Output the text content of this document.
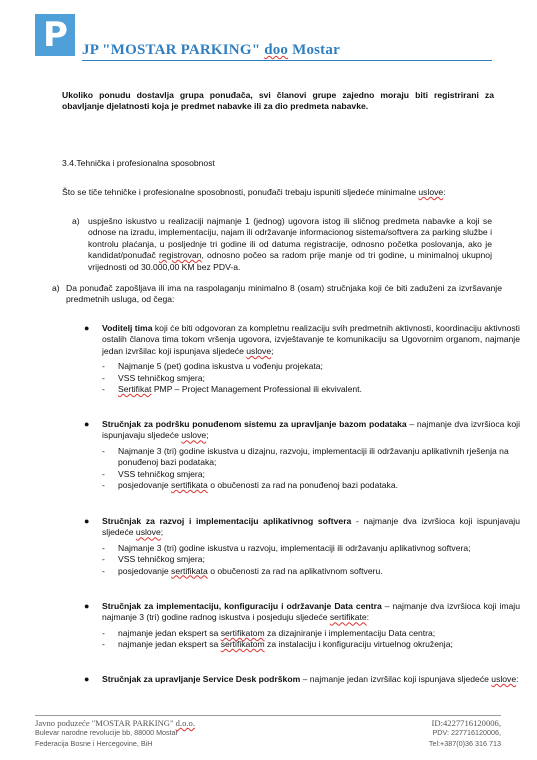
P JP "MOSTAR PARKING" doo Mostar

Ukoliko ponudu dostavlja grupa ponuđača, svi članovi grupe zajedno moraju biti registrirani za obavljanje djelatnosti koja je predmet nabavke ili za dio predmeta nabavke.

3.4.Tehnička i profesionalna sposobnost

Što se tiče tehničke i profesionalne sposobnosti, ponuđači trebaju ispuniti sljedeće minimalne uslove:

a) uspješno iskustvo u realizaciji najmanje 1 (jednog) ugovora istog ili sličnog predmeta nabavke a koji se odnose na izradu, implementaciju, najam ili održavanje informacionog sistema/softvera za parking službe i kontrolu plaćanja, u posljednje tri godine ili od datuma registracije, odnosno početka poslovanja, ako je kandidat/ponuđač registrovan, odnosno počeo sa radom prije manje od tri godine, u minimalnoj ukupnoj vrijednosti od 30.000,00 KM bez PDV-a.
a) Da ponuđač zapošljava ili ima na raspolaganju minimalno 8 (osam) stručnjaka koji će biti zaduženi za izvršavanje predmetnih usluga, od čega:
● Voditelj tima koji će biti odgovoran za kompletnu realizaciju svih predmetnih aktivnosti, koordinaciju aktivnosti ostalih članova tima tokom vršenja ugovora, izvještavanje te komunikaciju sa Ugovornim organom, najmanje jedan izvršilac koji ispunjava sljedeće uslove;
- Najmanje 5 (pet) godina iskustva u vođenju projekata;
- VSS tehničkog smjera;
- Sertifikat PMP – Project Management Professional ili ekvivalent.
● Stručnjak za podršku ponuđenom sistemu za upravljanje bazom podataka – najmanje dva izvršioca koji ispunjavaju sljedeće uslove;
- Najmanje 3 (tri) godine iskustva u dizajnu, razvoju, implementaciji ili održavanju aplikativnih rješenja na ponuđenoj bazi podataka;
- VSS tehničkog smjera;
- posjedovanje sertifikata o obučenosti za rad na ponuđenoj bazi podataka.
● Stručnjak za razvoj i implementaciju aplikativnog softvera - najmanje dva izvršioca koji ispunjavaju sljedeće uslove;
- Najmanje 3 (tri) godine iskustva u razvoju, implementaciji ili održavanju aplikativnog softvera;
- VSS tehničkog smjera;
- posjedovanje sertifikata o obučenosti za rad na aplikativnom softveru.
● Stručnjak za implementaciju, konfiguraciju i održavanje Data centra – najmanje dva izvršioca koji imaju najmanje 3 (tri) godine radnog iskustva i posjeduju sljedeće sertifikate:
- najmanje jedan ekspert sa sertifikatom za dizajniranje i implementaciju Data centra;
- najmanje jedan ekspert sa sertifikatom za instalaciju i konfiguraciju virtuelnog okruženja;
● Stručnjak za upravljanje Service Desk podrškom – najmanje jedan izvršilac koji ispunjava sljedeće uslove:
Javno poduzeće "MOSTAR PARKING" d.o.o.
Bulevar narodne revolucije bb, 88000 Mostar
Federacija Bosne i Hercegovine, BiH
ID:4227716120006,
PDV: 227716120006,
Tel:+387(0)36 316 713
